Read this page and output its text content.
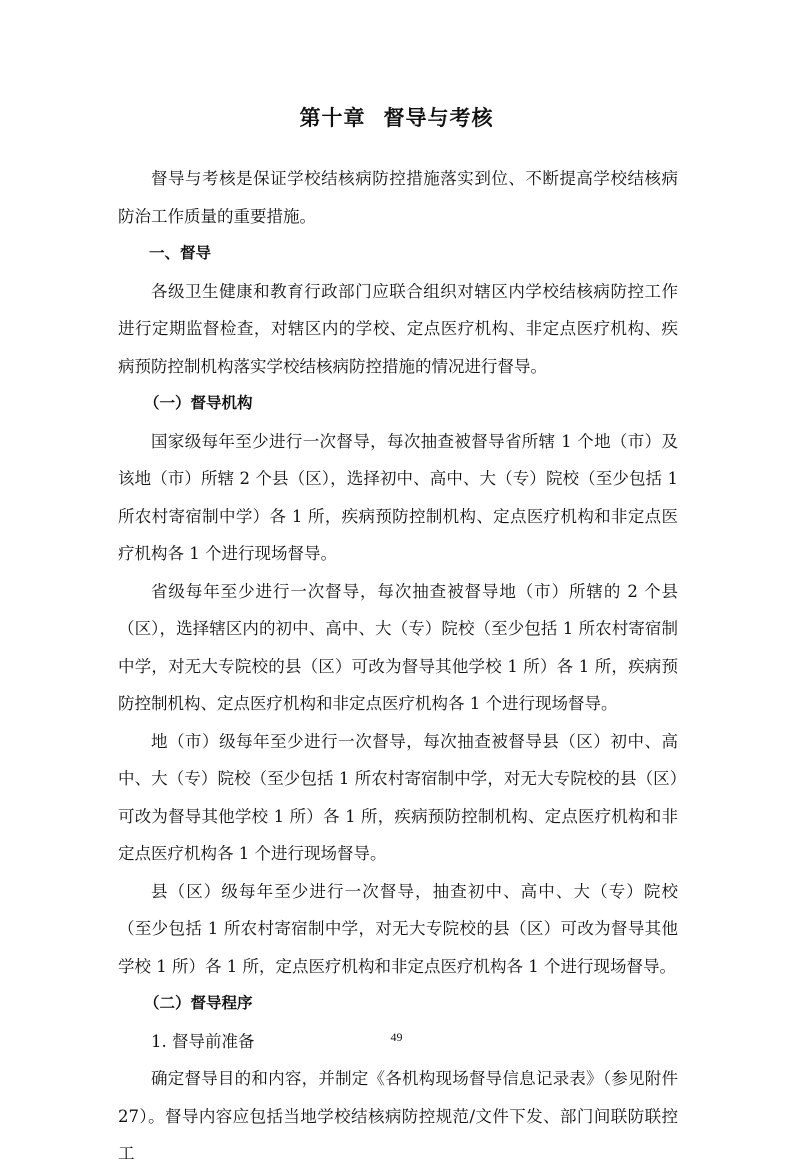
第十章 督导与考核

督导与考核是保证学校结核病防控措施落实到位、不断提高学校结核病防治工作质量的重要措施。

一、督导

各级卫生健康和教育行政部门应联合组织对辖区内学校结核病防控工作进行定期监督检查，对辖区内的学校、定点医疗机构、非定点医疗机构、疾病预防控制机构落实学校结核病防控措施的情况进行督导。

（一）督导机构

国家级每年至少进行一次督导，每次抽查被督导省所辖 1 个地（市）及该地（市）所辖 2 个县（区），选择初中、高中、大（专）院校（至少包括 1 所农村寄宿制中学）各 1 所，疾病预防控制机构、定点医疗机构和非定点医疗机构各 1 个进行现场督导。

省级每年至少进行一次督导，每次抽查被督导地（市）所辖的 2 个县（区），选择辖区内的初中、高中、大（专）院校（至少包括 1 所农村寄宿制中学，对无大专院校的县（区）可改为督导其他学校 1 所）各 1 所，疾病预防控制机构、定点医疗机构和非定点医疗机构各 1 个进行现场督导。

地（市）级每年至少进行一次督导，每次抽查被督导县（区）初中、高中、大（专）院校（至少包括 1 所农村寄宿制中学，对无大专院校的县（区）可改为督导其他学校 1 所）各 1 所，疾病预防控制机构、定点医疗机构和非定点医疗机构各 1 个进行现场督导。

县（区）级每年至少进行一次督导，抽查初中、高中、大（专）院校（至少包括 1 所农村寄宿制中学，对无大专院校的县（区）可改为督导其他学校 1 所）各 1 所，定点医疗机构和非定点医疗机构各 1 个进行现场督导。

（二）督导程序

1. 督导前准备

确定督导目的和内容，并制定《各机构现场督导信息记录表》（参见附件 27）。督导内容应包括当地学校结核病防控规范/文件下发、部门间联防联控工

49
